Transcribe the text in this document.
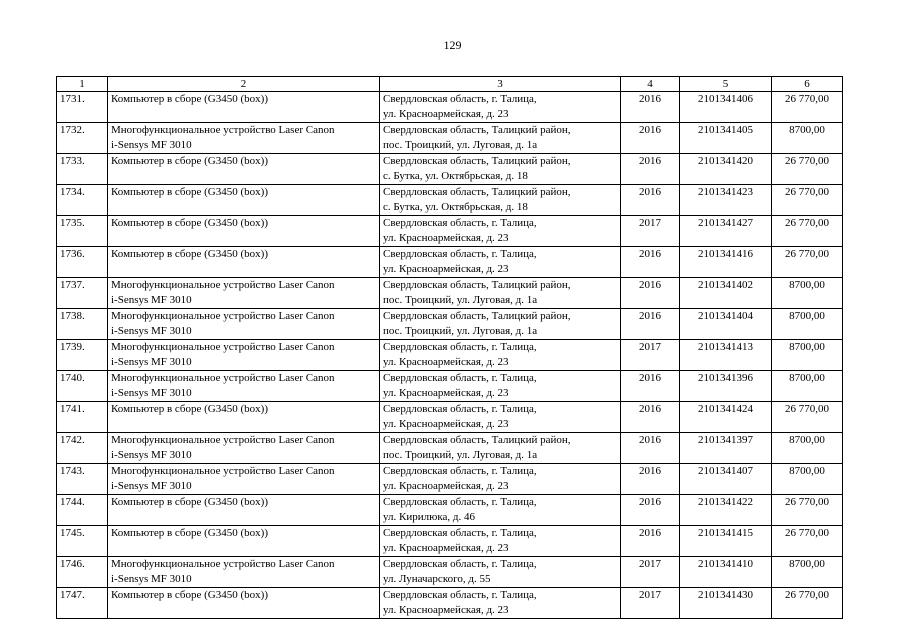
129
1	2	3	4	5	6
1731.	Компьютер в сборе (G3450 (box))	Свердловская область, г. Талица,
ул. Красноармейская, д. 23	2016	2101341406	26 770,00
1732.	Многофункциональное устройство Laser Canon
i-Sensys MF 3010	Свердловская область, Талицкий район,
пос. Троицкий, ул. Луговая, д. 1а	2016	2101341405	8700,00
1733.	Компьютер в сборе (G3450 (box))	Свердловская область, Талицкий район,
с. Бутка, ул. Октябрьская, д. 18	2016	2101341420	26 770,00
1734.	Компьютер в сборе (G3450 (box))	Свердловская область, Талицкий район,
с. Бутка, ул. Октябрьская, д. 18	2016	2101341423	26 770,00
1735.	Компьютер в сборе (G3450 (box))	Свердловская область, г. Талица,
ул. Красноармейская, д. 23	2017	2101341427	26 770,00
1736.	Компьютер в сборе (G3450 (box))	Свердловская область, г. Талица,
ул. Красноармейская, д. 23	2016	2101341416	26 770,00
1737.	Многофункциональное устройство Laser Canon
i-Sensys MF 3010	Свердловская область, Талицкий район,
пос. Троицкий, ул. Луговая, д. 1а	2016	2101341402	8700,00
1738.	Многофункциональное устройство Laser Canon
i-Sensys MF 3010	Свердловская область, Талицкий район,
пос. Троицкий, ул. Луговая, д. 1а	2016	2101341404	8700,00
1739.	Многофункциональное устройство Laser Canon
i-Sensys MF 3010	Свердловская область, г. Талица,
ул. Красноармейская, д. 23	2017	2101341413	8700,00
1740.	Многофункциональное устройство Laser Canon
i-Sensys MF 3010	Свердловская область, г. Талица,
ул. Красноармейская, д. 23	2016	2101341396	8700,00
1741.	Компьютер в сборе (G3450 (box))	Свердловская область, г. Талица,
ул. Красноармейская, д. 23	2016	2101341424	26 770,00
1742.	Многофункциональное устройство Laser Canon
i-Sensys MF 3010	Свердловская область, Талицкий район,
пос. Троицкий, ул. Луговая, д. 1а	2016	2101341397	8700,00
1743.	Многофункциональное устройство Laser Canon
i-Sensys MF 3010	Свердловская область, г. Талица,
ул. Красноармейская, д. 23	2016	2101341407	8700,00
1744.	Компьютер в сборе (G3450 (box))	Свердловская область, г. Талица,
ул. Кирилюка, д. 46	2016	2101341422	26 770,00
1745.	Компьютер в сборе (G3450 (box))	Свердловская область, г. Талица,
ул. Красноармейская, д. 23	2016	2101341415	26 770,00
1746.	Многофункциональное устройство Laser Canon
i-Sensys MF 3010	Свердловская область, г. Талица,
ул. Луначарского, д. 55	2017	2101341410	8700,00
1747.	Компьютер в сборе (G3450 (box))	Свердловская область, г. Талица,
ул. Красноармейская, д. 23	2017	2101341430	26 770,00
